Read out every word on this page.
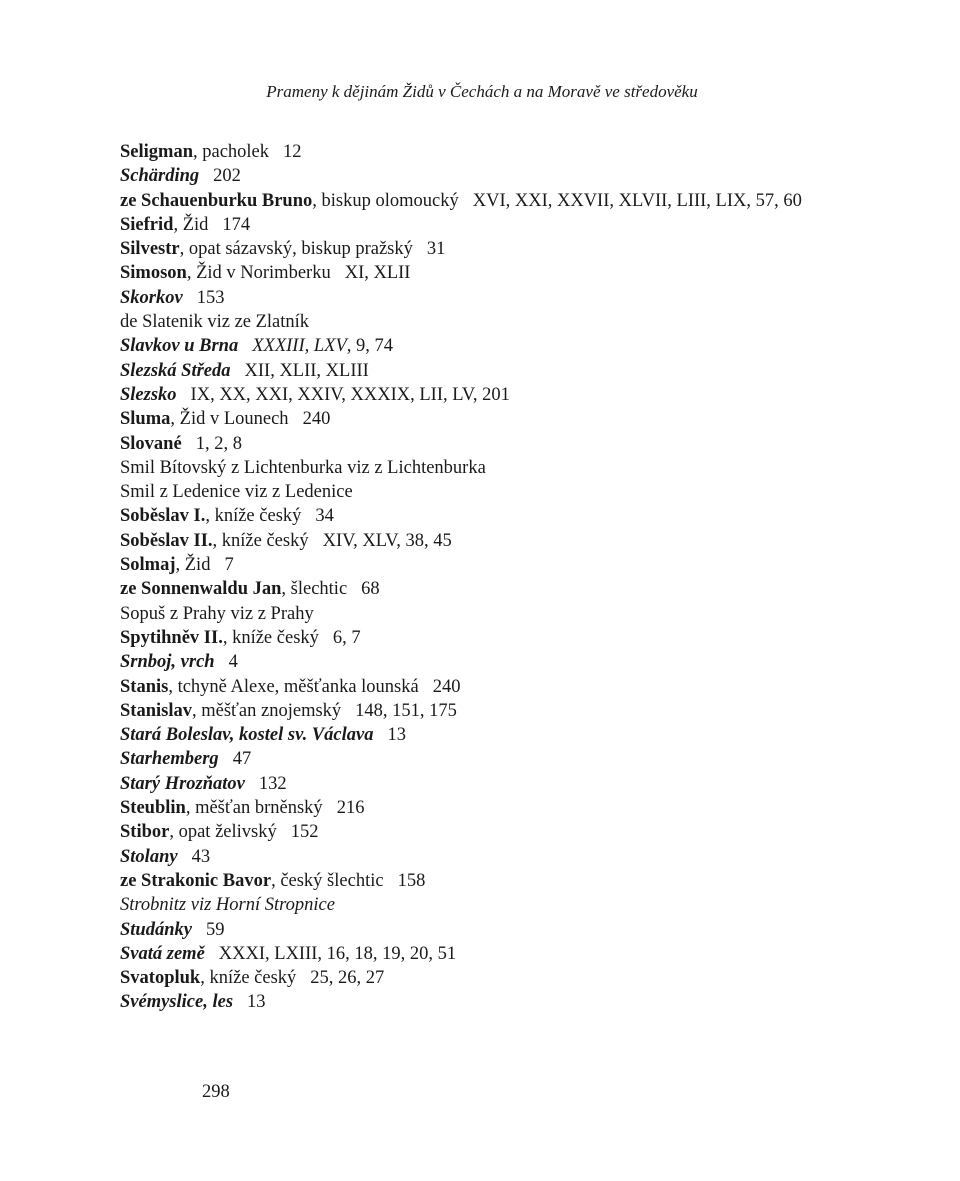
Prameny k dějinám Židů v Čechách a na Moravě ve středověku
Seligman, pacholek 12
Schärding 202
ze Schauenburku Bruno, biskup olomoucký XVI, XXI, XXVII, XLVII, LIII, LIX, 57, 60
Siefrid, Žid 174
Silvestr, opat sázavský, biskup pražský 31
Simoson, Žid v Norimberku XI, XLII
Skorkov 153
de Slatenik viz ze Zlatník
Slavkov u Brna XXXIII, LXV, 9, 74
Slezská Středa XII, XLII, XLIII
Slezsko IX, XX, XXI, XXIV, XXXIX, LII, LV, 201
Sluma, Žid v Lounech 240
Slované 1, 2, 8
Smil Bítovský z Lichtenburka viz z Lichtenburka
Smil z Ledenice viz z Ledenice
Soběslav I., kníže český 34
Soběslav II., kníže český XIV, XLV, 38, 45
Solmaj, Žid 7
ze Sonnenwaldu Jan, šlechtic 68
Sopuš z Prahy viz z Prahy
Spytihněv II., kníže český 6, 7
Srnboj, vrch 4
Stanis, tchyně Alexe, měšťanka lounská 240
Stanislav, měšťan znojemský 148, 151, 175
Stará Boleslav, kostel sv. Václava 13
Starhemberg 47
Starý Hrozňatov 132
Steublin, měšťan brněnský 216
Stibor, opat želivský 152
Stolany 43
ze Strakonic Bavor, český šlechtic 158
Strobnitz viz Horní Stropnice
Studánky 59
Svatá země XXXI, LXIII, 16, 18, 19, 20, 51
Svatopluk, kníže český 25, 26, 27
Svémyslice, les 13
298
